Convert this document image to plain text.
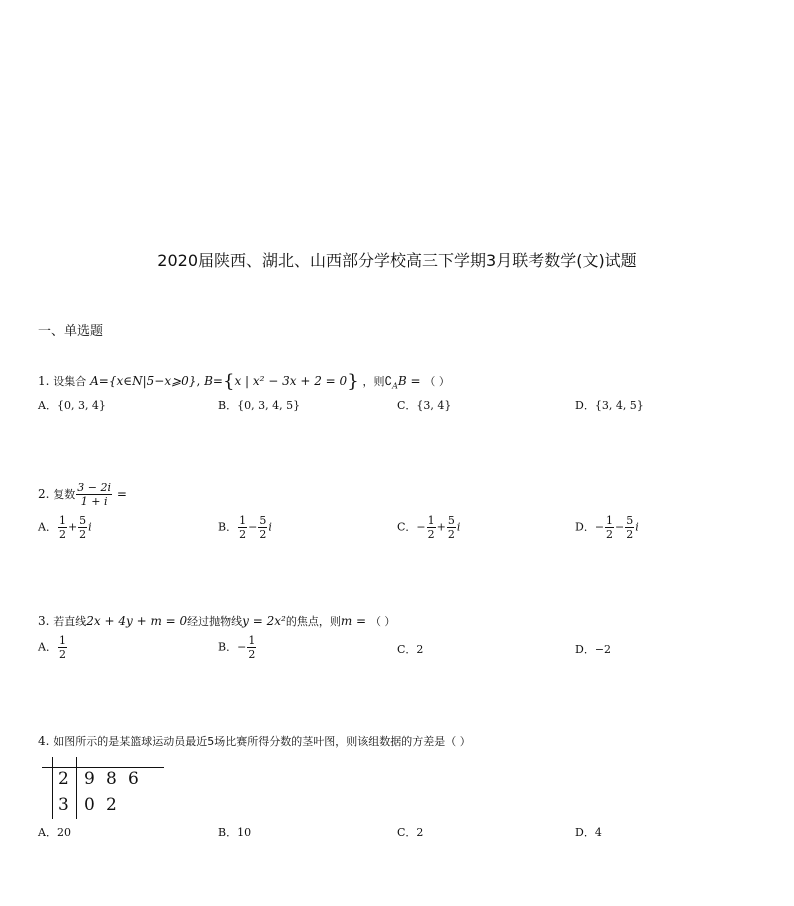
2020届陕西、湖北、山西部分学校高三下学期3月联考数学(文)试题
一、单选题
1. 设集合 A={x∈N|5−x⩾0}, B={x | x² − 3x + 2 = 0} ，则$∁_AB$ = （ ）
A．{0, 3, 4}	B．{0, 3, 4, 5}	C．{3, 4}	D．{3, 4, 5}
2. 复数 $\frac{3 - 2i}{1 + i}$ =
A． $\frac{1}{2} + \frac{5}{2}$ i	B． $\frac{1}{2} - \frac{5}{2}$ i	C．− $\frac{1}{2} + \frac{5}{2}$ i	D．− $\frac{1}{2} - \frac{5}{2}$ i
3. 若直线2x + 4y + m = 0经过抛物线y = 2x²的焦点，则m = （ ）
A． $\frac{1}{2}$	B．− $\frac{1}{2}$	C．2	D．−2
4. 如图所示的是某篮球运动员最近5场比赛所得分数的茎叶图，则该组数据的方差是（ ）
2 9 8 6
3 0 2
A．20	B．10	C．2	D．4
